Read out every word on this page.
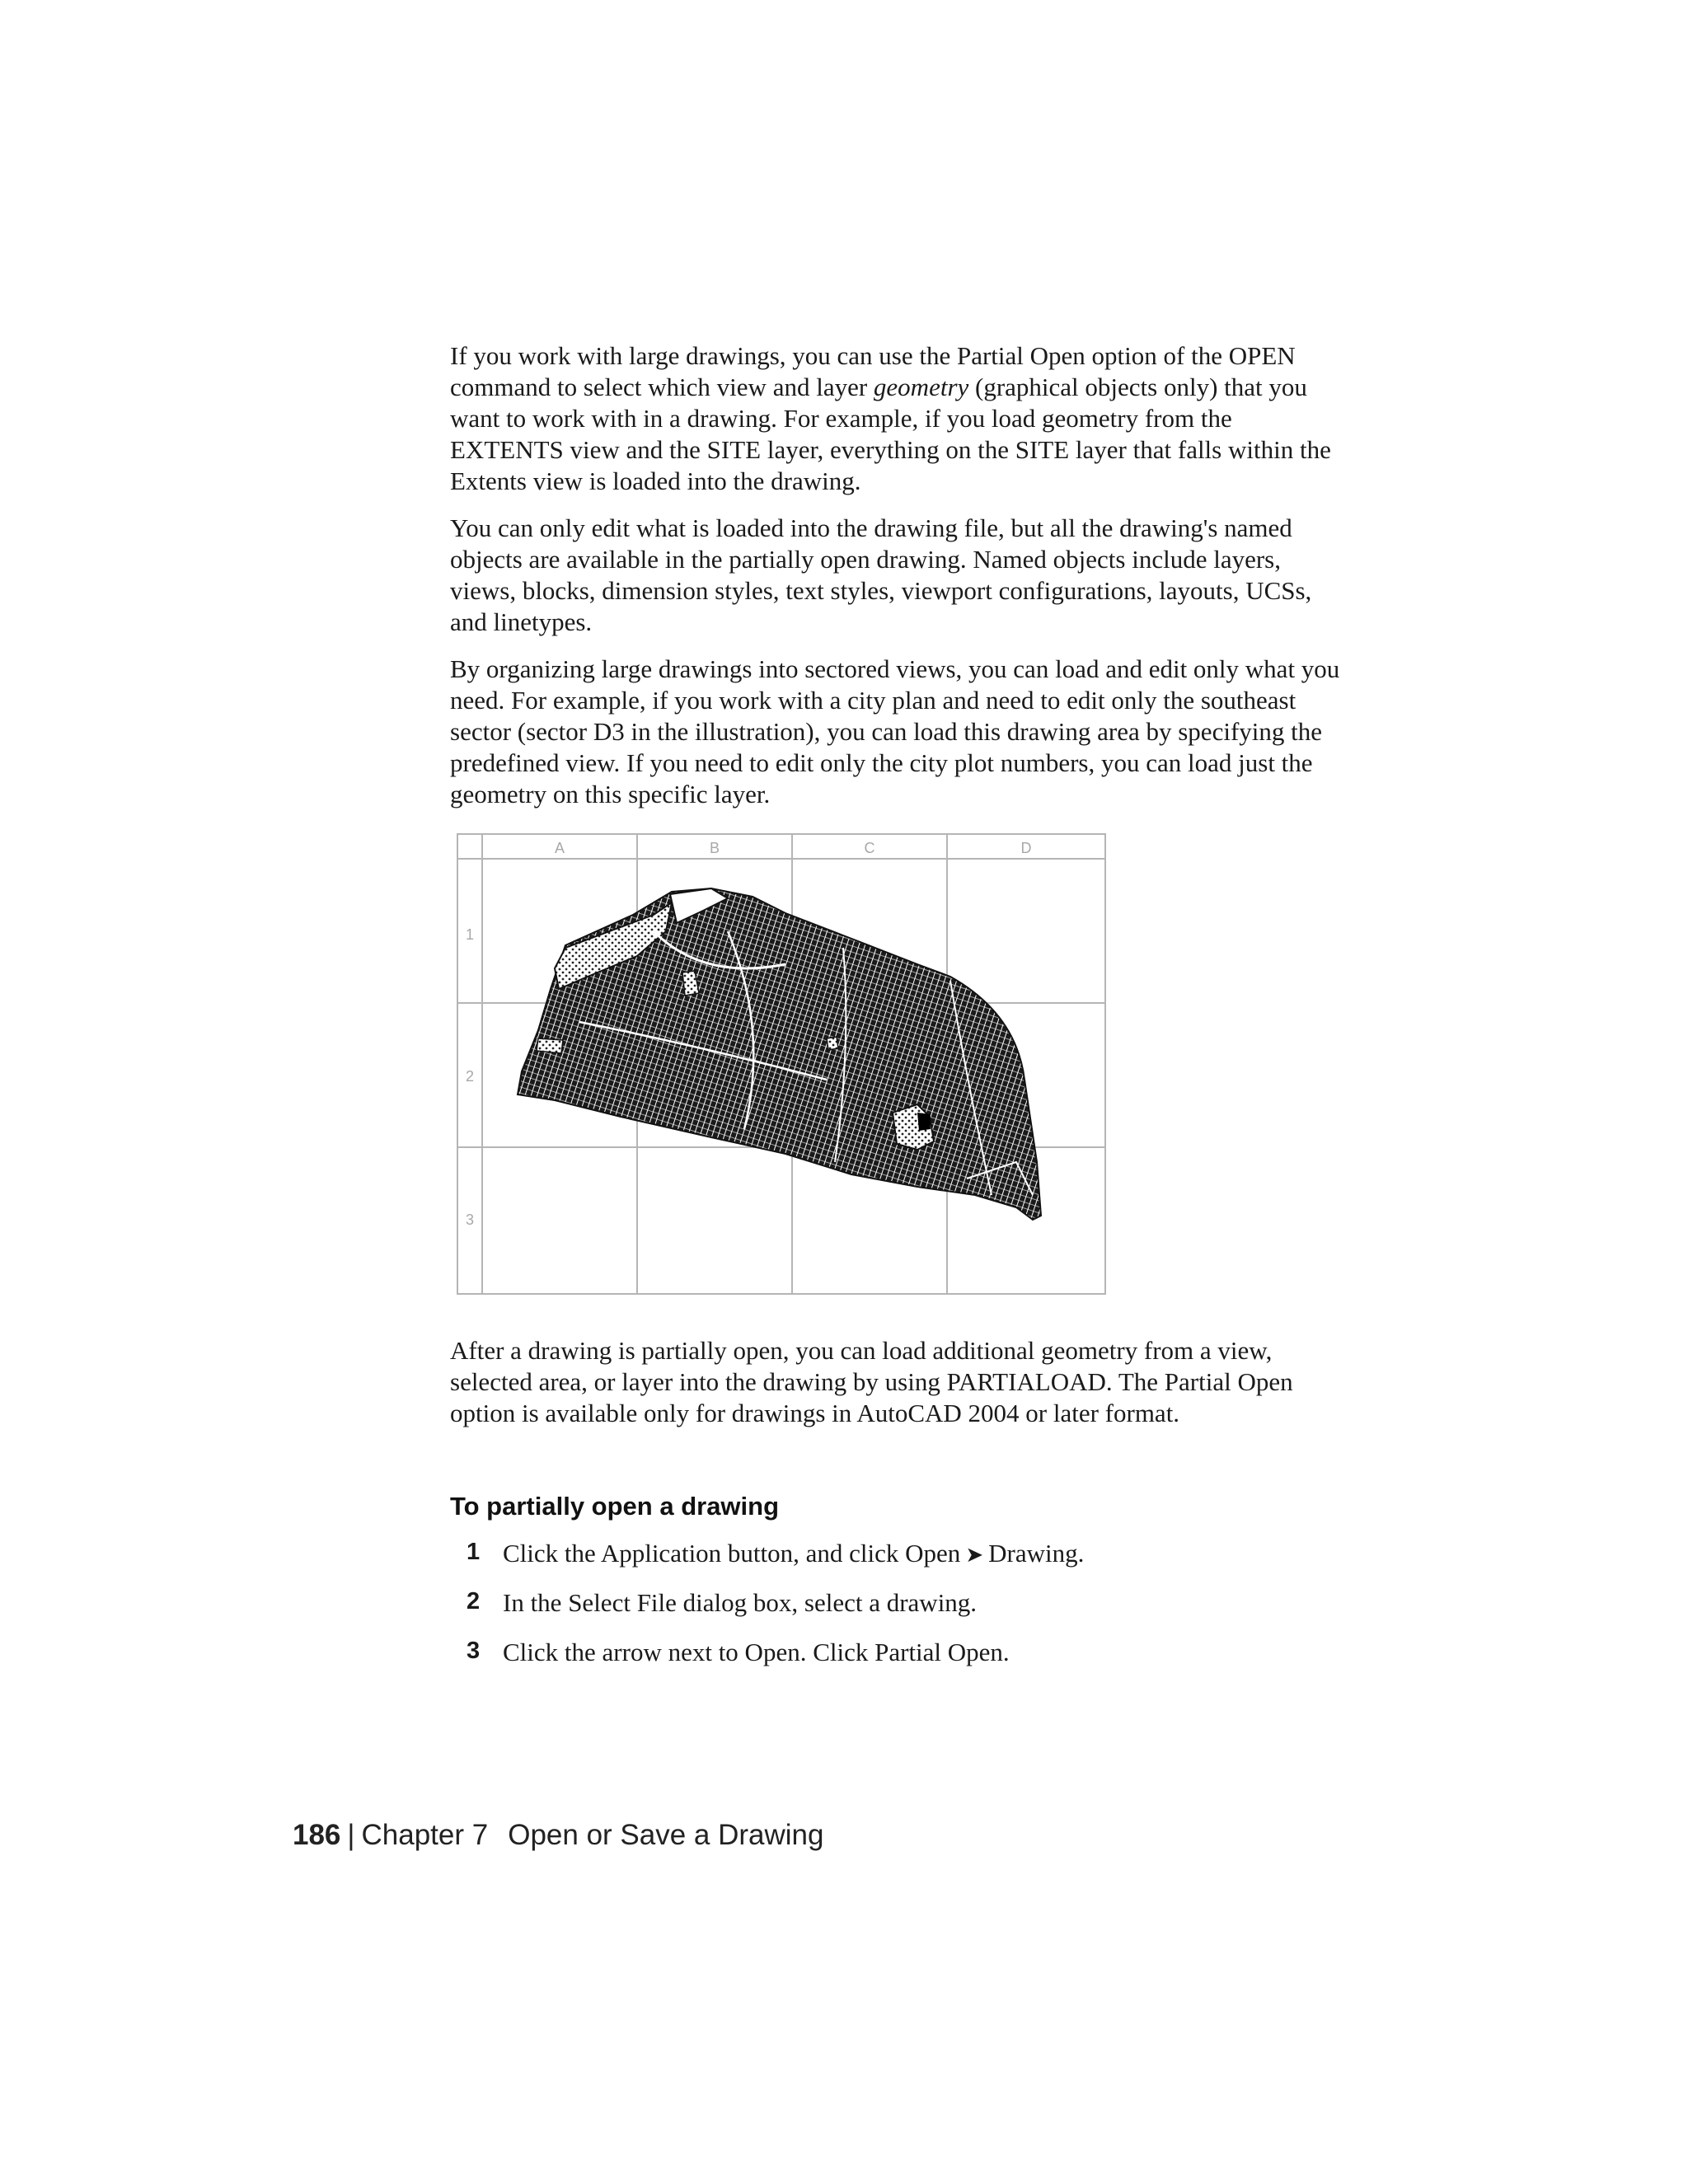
If you work with large drawings, you can use the Partial Open option of the OPEN command to select which view and layer geometry (graphical objects only) that you want to work with in a drawing. For example, if you load geometry from the EXTENTS view and the SITE layer, everything on the SITE layer that falls within the Extents view is loaded into the drawing.

You can only edit what is loaded into the drawing file, but all the drawing's named objects are available in the partially open drawing. Named objects include layers, views, blocks, dimension styles, text styles, viewport configurations, layouts, UCSs, and linetypes.

By organizing large drawings into sectored views, you can load and edit only what you need. For example, if you work with a city plan and need to edit only the southeast sector (sector D3 in the illustration), you can load this drawing area by specifying the predefined view. If you need to edit only the city plot numbers, you can load just the geometry on this specific layer.

A	B	C	D
1
2
3

After a drawing is partially open, you can load additional geometry from a view, selected area, or layer into the drawing by using PARTIALOAD. The Partial Open option is available only for drawings in AutoCAD 2004 or later format.

To partially open a drawing
1 Click the Application button, and click Open ➤ Drawing.
2 In the Select File dialog box, select a drawing.
3 Click the arrow next to Open. Click Partial Open.
186 | Chapter 7 Open or Save a Drawing
